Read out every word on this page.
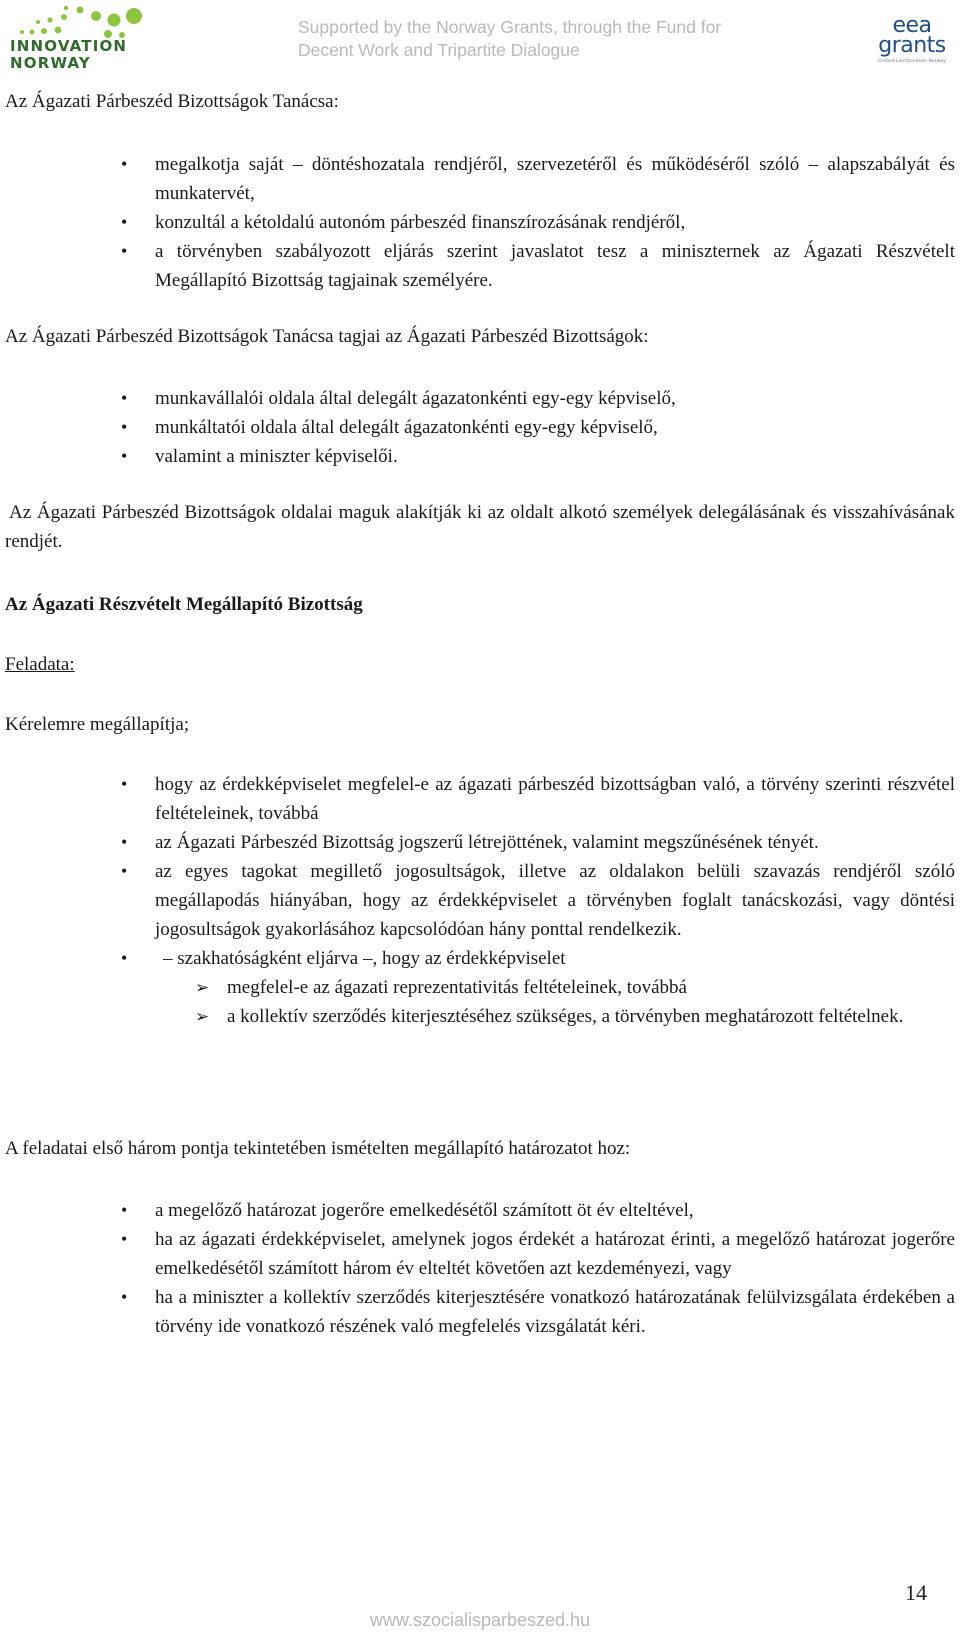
INNOVATION
NORWAY
Supported by the Norway Grants, through the Fund for
Decent Work and Tripartite Dialogue
eea
grants
Iceland Liechtenstein Norway

Az Ágazati Párbeszéd Bizottságok Tanácsa:

• megalkotja saját – döntéshozatala rendjéről, szervezetéről és működéséről szóló – alapszabályát és munkatervét,
• konzultál a kétoldalú autonóm párbeszéd finanszírozásának rendjéről,
• a törvényben szabályozott eljárás szerint javaslatot tesz a miniszternek az Ágazati Részvételt Megállapító Bizottság tagjainak személyére.

Az Ágazati Párbeszéd Bizottságok Tanácsa tagjai az Ágazati Párbeszéd Bizottságok:

• munkavállalói oldala által delegált ágazatonkénti egy-egy képviselő,
• munkáltatói oldala által delegált ágazatonkénti egy-egy képviselő,
• valamint a miniszter képviselői.

Az Ágazati Párbeszéd Bizottságok oldalai maguk alakítják ki az oldalt alkotó személyek delegálásának és visszahívásának rendjét.

Az Ágazati Részvételt Megállapító Bizottság

Feladata:

Kérelemre megállapítja;

• hogy az érdekképviselet megfelel-e az ágazati párbeszéd bizottságban való, a törvény szerinti részvétel feltételeinek, továbbá
• az Ágazati Párbeszéd Bizottság jogszerű létrejöttének, valamint megszűnésének tényét.
• az egyes tagokat megillető jogosultságok, illetve az oldalakon belüli szavazás rendjéről szóló megállapodás hiányában, hogy az érdekképviselet a törvényben foglalt tanácskozási, vagy döntési jogosultságok gyakorlásához kapcsolódóan hány ponttal rendelkezik.
• – szakhatóságként eljárva –, hogy az érdekképviselet
➢ megfelel-e az ágazati reprezentativitás feltételeinek, továbbá
➢ a kollektív szerződés kiterjesztéséhez szükséges, a törvényben meghatározott feltételnek.

A feladatai első három pontja tekintetében ismételten megállapító határozatot hoz:

• a megelőző határozat jogerőre emelkedésétől számított öt év elteltével,
• ha az ágazati érdekképviselet, amelynek jogos érdekét a határozat érinti, a megelőző határozat jogerőre emelkedésétől számított három év elteltét követően azt kezdeményezi, vagy
• ha a miniszter a kollektív szerződés kiterjesztésére vonatkozó határozatának felülvizsgálata érdekében a törvény ide vonatkozó részének való megfelelés vizsgálatát kéri.
14
www.szocialisparbeszed.hu
